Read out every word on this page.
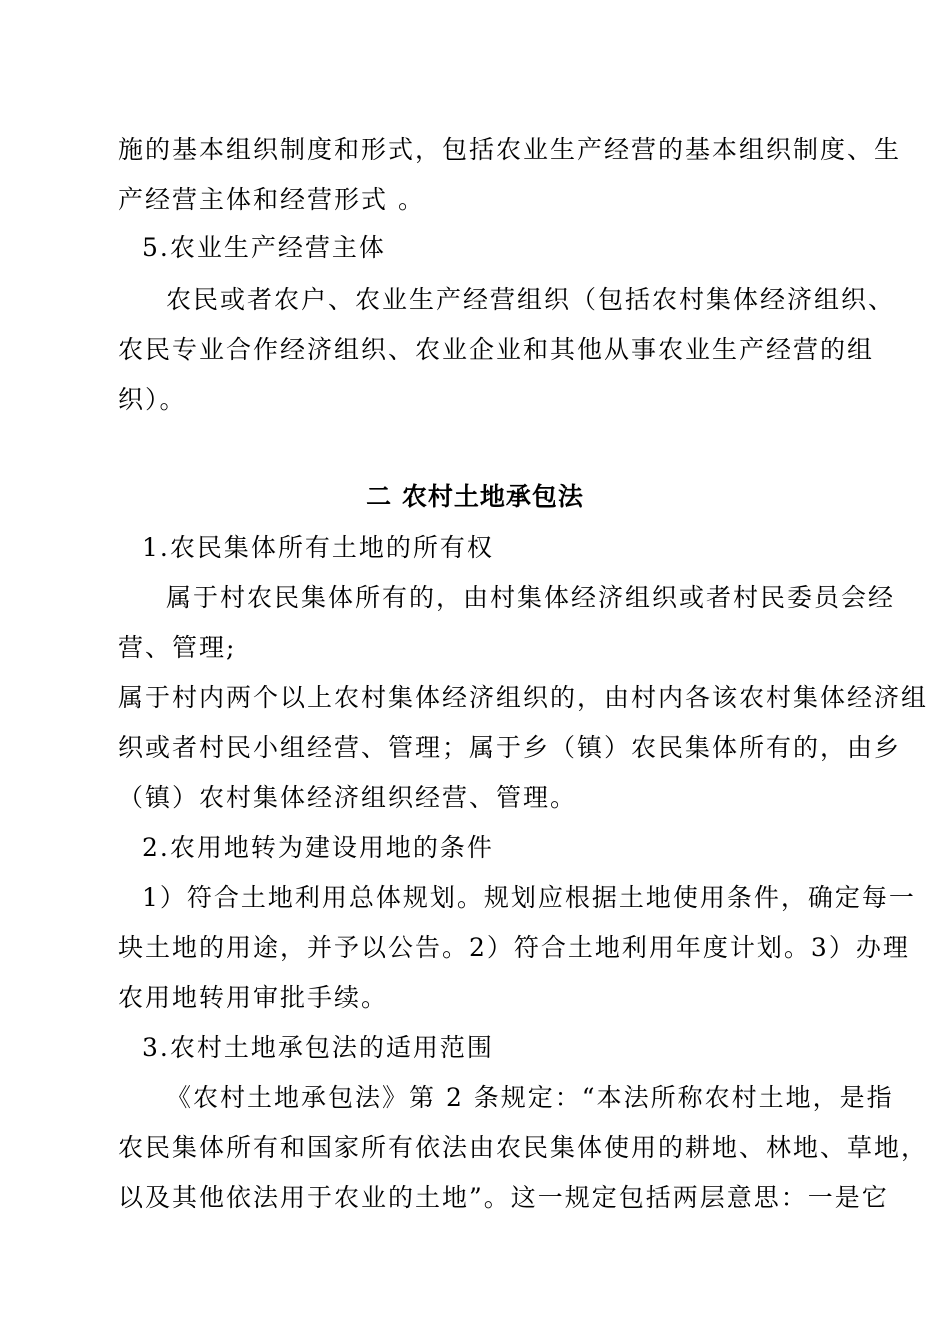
施的基本组织制度和形式，包括农业生产经营的基本组织制度、生
产经营主体和经营形式 。
5.农业生产经营主体
农民或者农户、农业生产经营组织（包括农村集体经济组织、
农民专业合作经济组织、农业企业和其他从事农业生产经营的组
织）。
二 农村土地承包法
1.农民集体所有土地的所有权
属于村农民集体所有的，由村集体经济组织或者村民委员会经
营、管理;
属于村内两个以上农村集体经济组织的，由村内各该农村集体经济组
织或者村民小组经营、管理；属于乡（镇）农民集体所有的，由乡
（镇）农村集体经济组织经营、管理。
2.农用地转为建设用地的条件
1）符合土地利用总体规划。规划应根据土地使用条件，确定每一
块土地的用途，并予以公告。2）符合土地利用年度计划。3）办理
农用地转用审批手续。
3.农村土地承包法的适用范围
《农村土地承包法》第 2 条规定：“本法所称农村土地，是指
农民集体所有和国家所有依法由农民集体使用的耕地、林地、草地，
以及其他依法用于农业的土地”。这一规定包括两层意思：一是它
